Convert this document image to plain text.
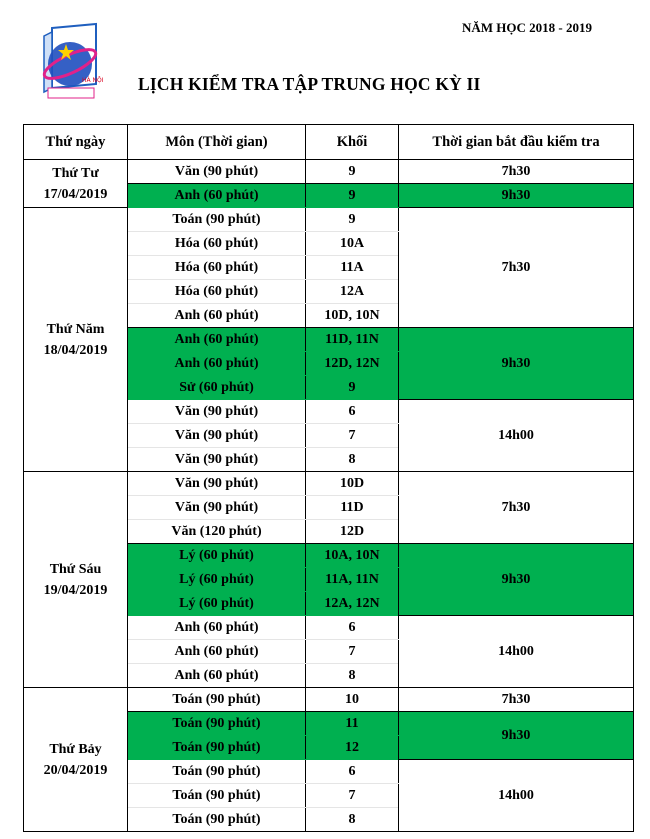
NĂM HỌC 2018 - 2019
HÀ NỘI LỊCH KIỂM TRA TẬP TRUNG HỌC KỲ II
Thứ ngày	Môn (Thời gian)	Khối	Thời gian bắt đầu kiểm tra

Thứ Tư
17/04/2019	Văn (90 phút)	9	7h30
	Anh (60 phút)	9	9h30

Thứ Năm
18/04/2019	Toán (90 phút)	9	7h30
	Hóa (60 phút)	10A	
	Hóa (60 phút)	11A	
	Hóa (60 phút)	12A	
	Anh (60 phút)	10D, 10N	
	Anh (60 phút)	11D, 11N	9h30
	Anh (60 phút)	12D, 12N	
	Sử (60 phút)	9	
	Văn (90 phút)	6	14h00
	Văn (90 phút)	7	
	Văn (90 phút)	8	

Thứ Sáu
19/04/2019	Văn (90 phút)	10D	7h30
	Văn (90 phút)	11D	
	Văn (120 phút)	12D	
	Lý (60 phút)	10A, 10N	9h30
	Lý (60 phút)	11A, 11N	
	Lý (60 phút)	12A, 12N	
	Anh (60 phút)	6	14h00
	Anh (60 phút)	7	
	Anh (60 phút)	8	

Thứ Bảy
20/04/2019	Toán (90 phút)	10	7h30
	Toán (90 phút)	11	9h30
	Toán (90 phút)	12	
	Toán (90 phút)	6	14h00
	Toán (90 phút)	7	
	Toán (90 phút)	8	
